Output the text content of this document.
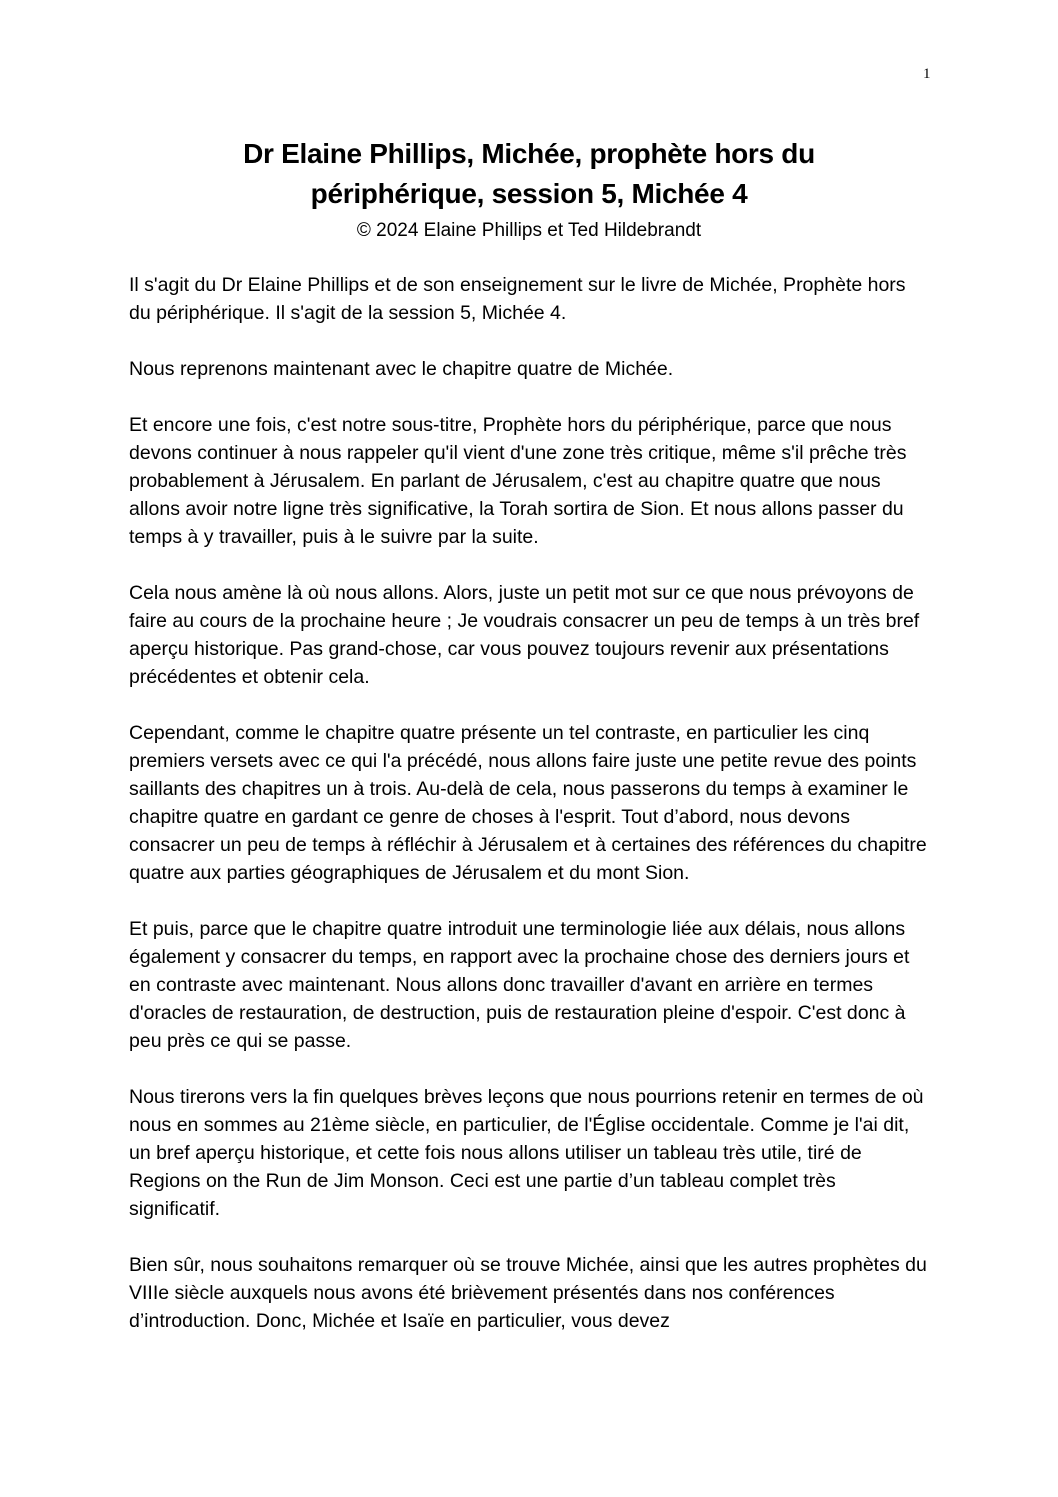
1
Dr Elaine Phillips, Michée, prophète hors du
périphérique, session 5, Michée 4
© 2024 Elaine Phillips et Ted Hildebrandt

Il s'agit du Dr Elaine Phillips et de son enseignement sur le livre de Michée, Prophète hors du périphérique. Il s'agit de la session 5, Michée 4.

Nous reprenons maintenant avec le chapitre quatre de Michée.

Et encore une fois, c'est notre sous-titre, Prophète hors du périphérique, parce que nous devons continuer à nous rappeler qu'il vient d'une zone très critique, même s'il prêche très probablement à Jérusalem. En parlant de Jérusalem, c'est au chapitre quatre que nous allons avoir notre ligne très significative, la Torah sortira de Sion. Et nous allons passer du temps à y travailler, puis à le suivre par la suite.

Cela nous amène là où nous allons. Alors, juste un petit mot sur ce que nous prévoyons de faire au cours de la prochaine heure ; Je voudrais consacrer un peu de temps à un très bref aperçu historique. Pas grand-chose, car vous pouvez toujours revenir aux présentations précédentes et obtenir cela.

Cependant, comme le chapitre quatre présente un tel contraste, en particulier les cinq premiers versets avec ce qui l'a précédé, nous allons faire juste une petite revue des points saillants des chapitres un à trois. Au-delà de cela, nous passerons du temps à examiner le chapitre quatre en gardant ce genre de choses à l'esprit. Tout d’abord, nous devons consacrer un peu de temps à réfléchir à Jérusalem et à certaines des références du chapitre quatre aux parties géographiques de Jérusalem et du mont Sion.

Et puis, parce que le chapitre quatre introduit une terminologie liée aux délais, nous allons également y consacrer du temps, en rapport avec la prochaine chose des derniers jours et en contraste avec maintenant. Nous allons donc travailler d'avant en arrière en termes d'oracles de restauration, de destruction, puis de restauration pleine d'espoir. C'est donc à peu près ce qui se passe.

Nous tirerons vers la fin quelques brèves leçons que nous pourrions retenir en termes de où nous en sommes au 21ème siècle, en particulier, de l'Église occidentale. Comme je l'ai dit, un bref aperçu historique, et cette fois nous allons utiliser un tableau très utile, tiré de Regions on the Run de Jim Monson. Ceci est une partie d’un tableau complet très significatif.

Bien sûr, nous souhaitons remarquer où se trouve Michée, ainsi que les autres prophètes du VIIIe siècle auxquels nous avons été brièvement présentés dans nos conférences d’introduction. Donc, Michée et Isaïe en particulier, vous devez
